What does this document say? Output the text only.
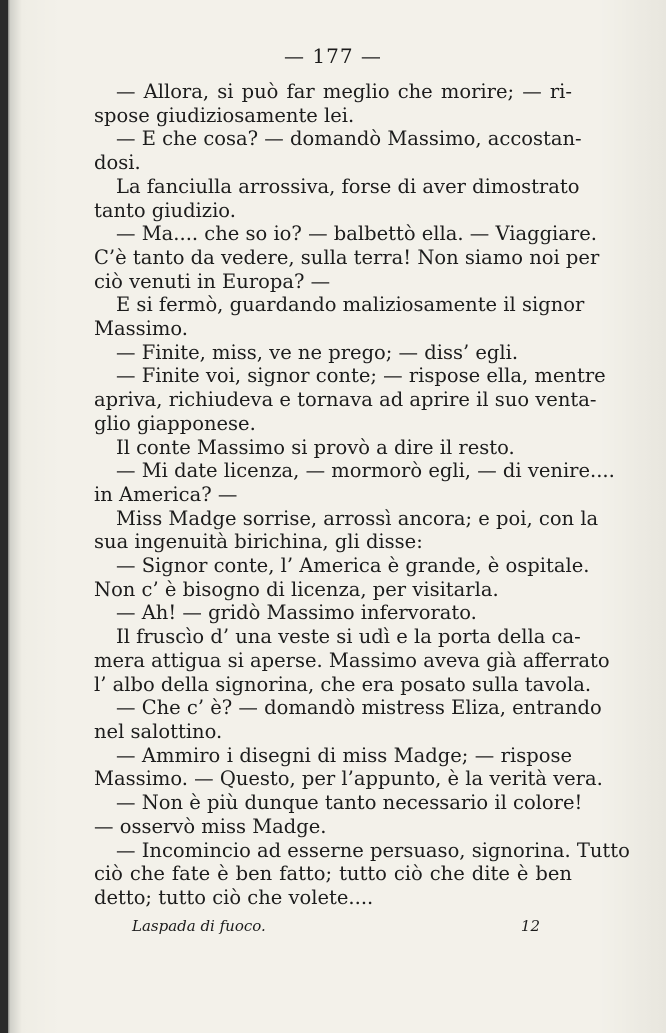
— 177 —
— Allora, si può far meglio che morire; — ri-
spose giudiziosamente lei.
— E che cosa? — domandò Massimo, accostan-
dosi.
La fanciulla arrossiva, forse di aver dimostrato
tanto giudizio.
— Ma.... che so io? — balbettò ella. — Viaggiare.
C’è tanto da vedere, sulla terra! Non siamo noi per
ciò venuti in Europa? —
E si fermò, guardando maliziosamente il signor
Massimo.
— Finite, miss, ve ne prego; — diss’ egli.
— Finite voi, signor conte; — rispose ella, mentre
apriva, richiudeva e tornava ad aprire il suo venta-
glio giapponese.
Il conte Massimo si provò a dire il resto.
— Mi date licenza, — mormorò egli, — di venire....
in America? —
Miss Madge sorrise, arrossì ancora; e poi, con la
sua ingenuità birichina, gli disse:
— Signor conte, l’ America è grande, è ospitale.
Non c’ è bisogno di licenza, per visitarla.
— Ah! — gridò Massimo infervorato.
Il fruscìo d’ una veste si udì e la porta della ca-
mera attigua si aperse. Massimo aveva già afferrato
l’ albo della signorina, che era posato sulla tavola.
— Che c’ è? — domandò mistress Eliza, entrando
nel salottino.
— Ammiro i disegni di miss Madge; — rispose
Massimo. — Questo, per l’appunto, è la verità vera.
— Non è più dunque tanto necessario il colore!
— osservò miss Madge.
— Incomincio ad esserne persuaso, signorina. Tutto
ciò che fate è ben fatto; tutto ciò che dite è ben
detto; tutto ciò che volete....
Laspada di fuoco.	12
